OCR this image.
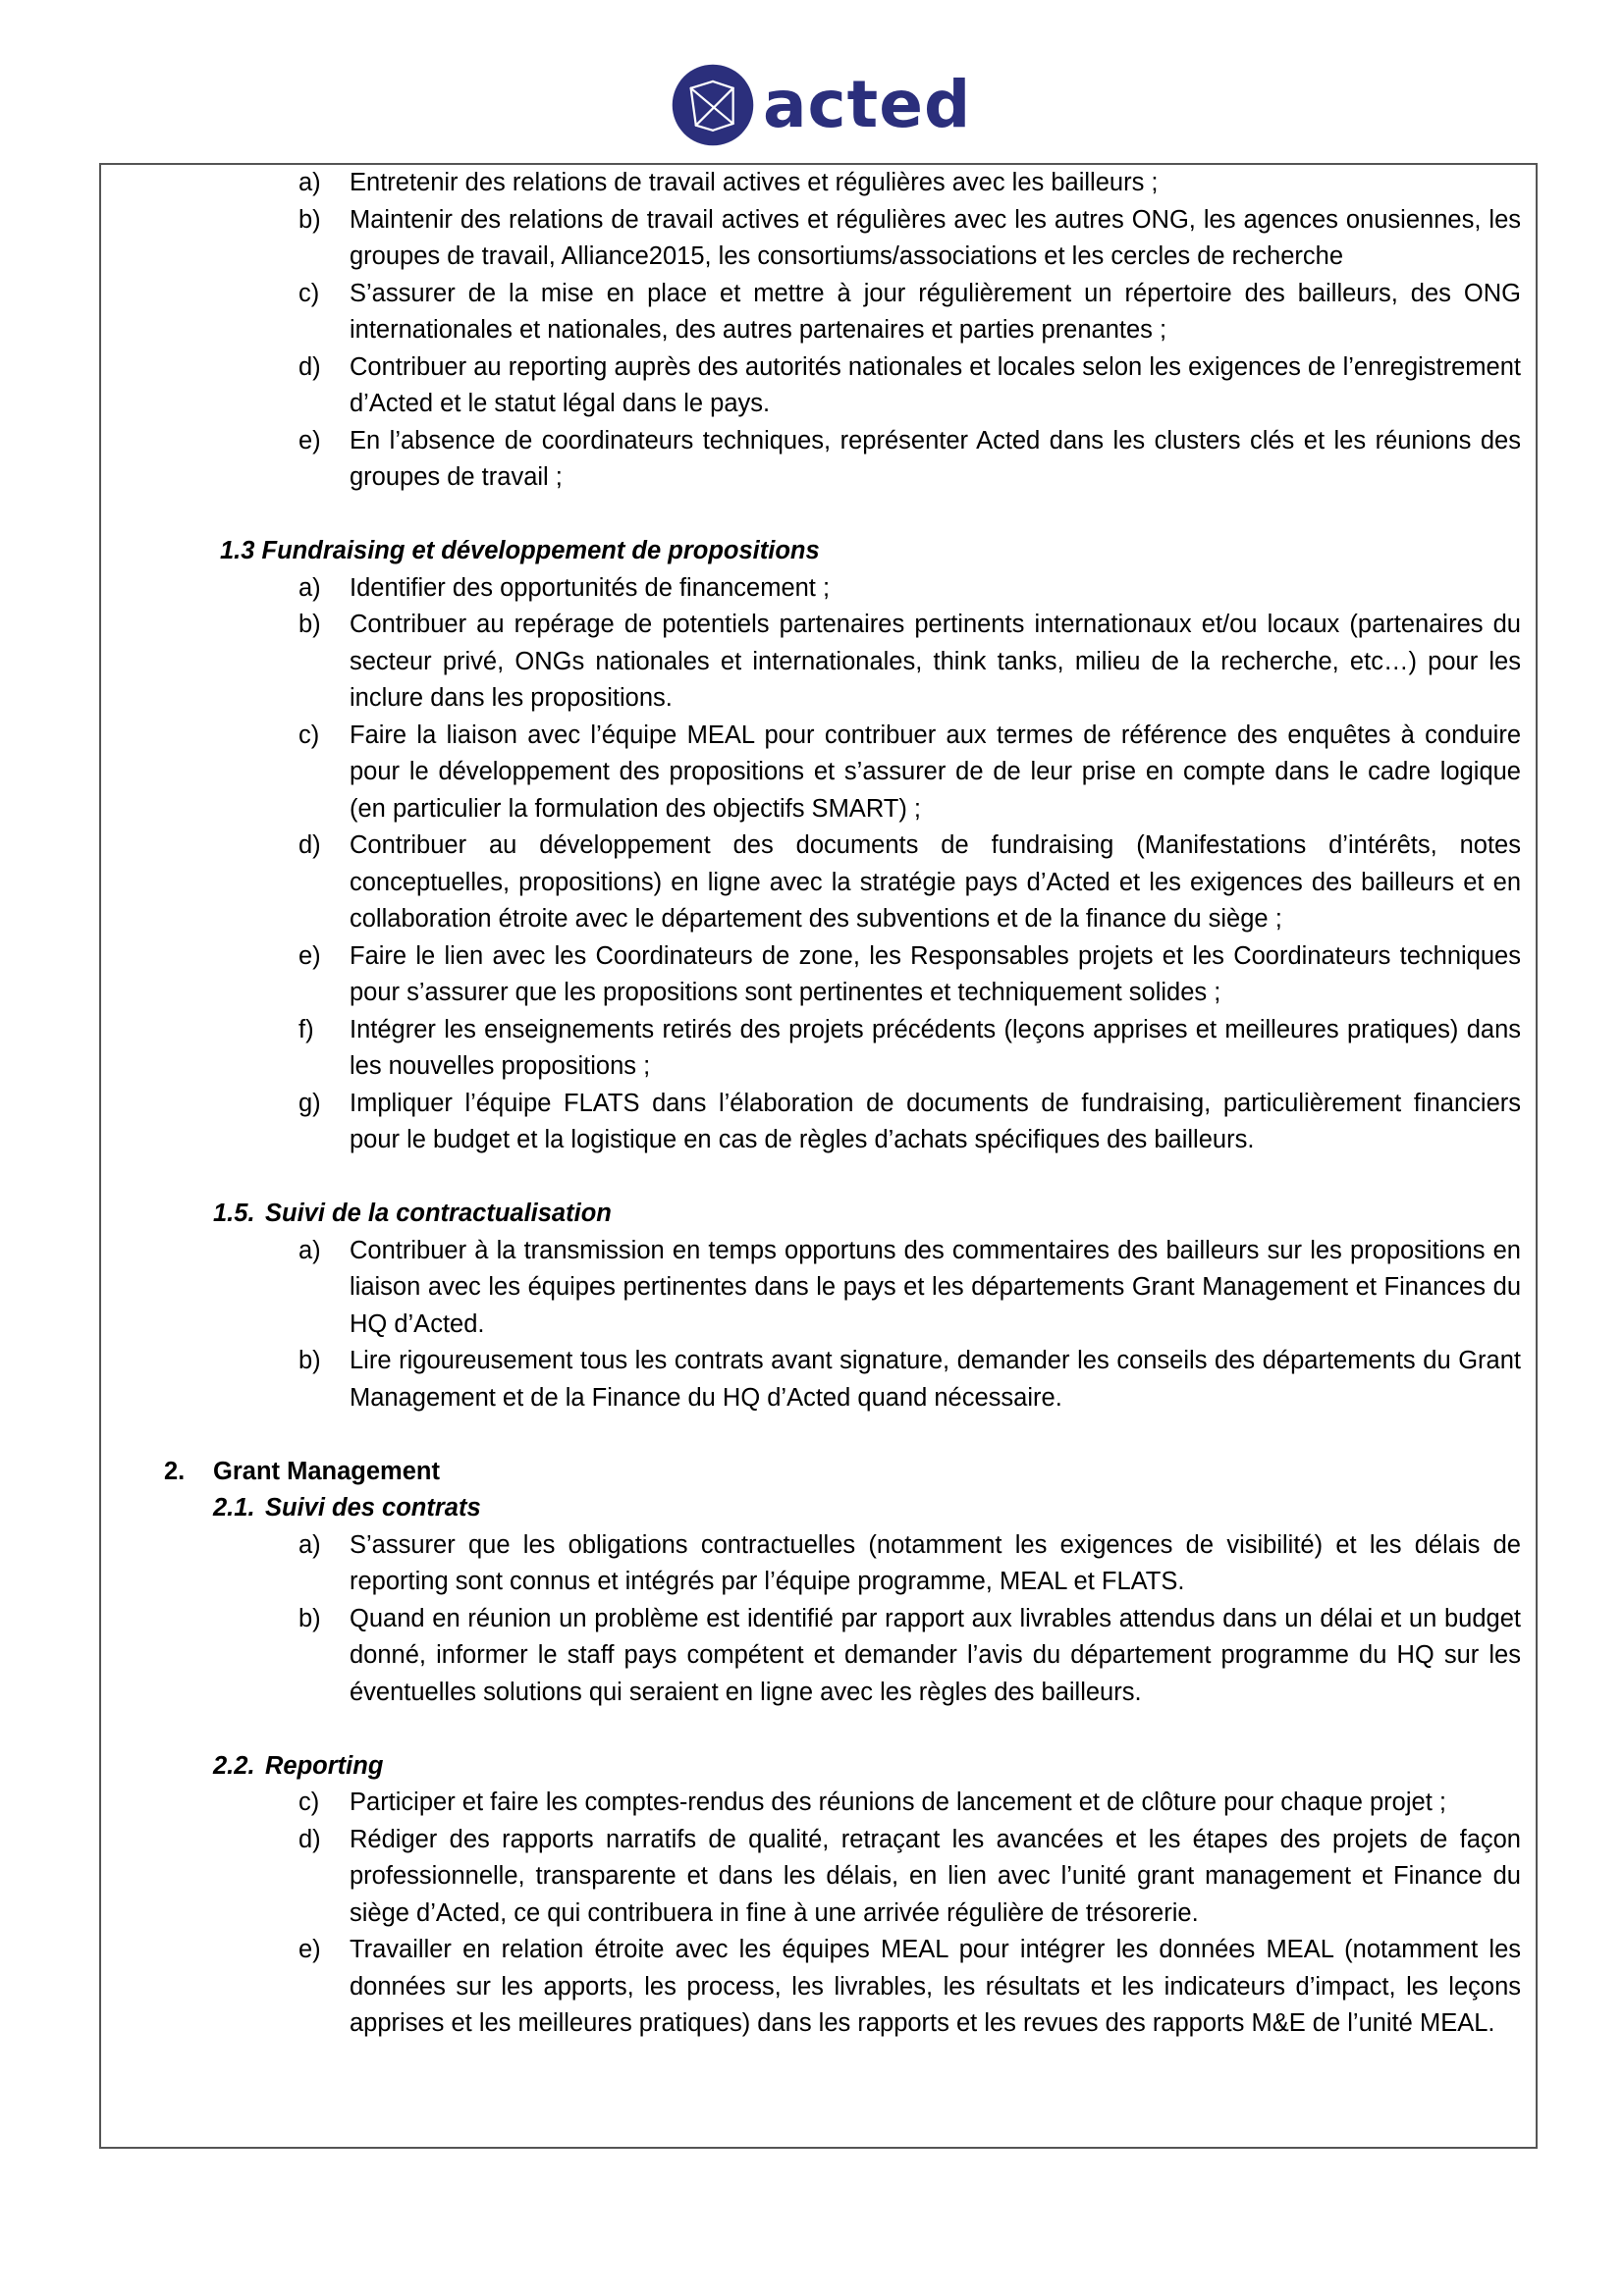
acted
a) Entretenir des relations de travail actives et régulières avec les bailleurs ;
b) Maintenir des relations de travail actives et régulières avec les autres ONG, les agences onusiennes, les groupes de travail, Alliance2015, les consortiums/associations et les cercles de recherche
c) S’assurer de la mise en place et mettre à jour régulièrement un répertoire des bailleurs, des ONG internationales et nationales, des autres partenaires et parties prenantes ;
d) Contribuer au reporting auprès des autorités nationales et locales selon les exigences de l’enregistrement d’Acted et le statut légal dans le pays.
e) En l’absence de coordinateurs techniques, représenter Acted dans les clusters clés et les réunions des groupes de travail ;
1.3 Fundraising et développement de propositions
a) Identifier des opportunités de financement ;
b) Contribuer au repérage de potentiels partenaires pertinents internationaux et/ou locaux (partenaires du secteur privé, ONGs nationales et internationales, think tanks, milieu de la recherche, etc…) pour les inclure dans les propositions.
c) Faire la liaison avec l’équipe MEAL pour contribuer aux termes de référence des enquêtes à conduire pour le développement des propositions et s’assurer de de leur prise en compte dans le cadre logique (en particulier la formulation des objectifs SMART) ;
d) Contribuer au développement des documents de fundraising (Manifestations d’intérêts, notes conceptuelles, propositions) en ligne avec la stratégie pays d’Acted et les exigences des bailleurs et en collaboration étroite avec le département des subventions et de la finance du siège ;
e) Faire le lien avec les Coordinateurs de zone, les Responsables projets et les Coordinateurs techniques pour s’assurer que les propositions sont pertinentes et techniquement solides ;
f) Intégrer les enseignements retirés des projets précédents (leçons apprises et meilleures pratiques) dans les nouvelles propositions ;
g) Impliquer l’équipe FLATS dans l’élaboration de documents de fundraising, particulièrement financiers pour le budget et la logistique en cas de règles d’achats spécifiques des bailleurs.
1.5. Suivi de la contractualisation
a) Contribuer à la transmission en temps opportuns des commentaires des bailleurs sur les propositions en liaison avec les équipes pertinentes dans le pays et les départements Grant Management et Finances du HQ d’Acted.
b) Lire rigoureusement tous les contrats avant signature, demander les conseils des départements du Grant Management et de la Finance du HQ d’Acted quand nécessaire.
2. Grant Management
2.1. Suivi des contrats
a) S’assurer que les obligations contractuelles (notamment les exigences de visibilité) et les délais de reporting sont connus et intégrés par l’équipe programme, MEAL et FLATS.
b) Quand en réunion un problème est identifié par rapport aux livrables attendus dans un délai et un budget donné, informer le staff pays compétent et demander l’avis du département programme du HQ sur les éventuelles solutions qui seraient en ligne avec les règles des bailleurs.
2.2. Reporting
c) Participer et faire les comptes-rendus des réunions de lancement et de clôture pour chaque projet ;
d) Rédiger des rapports narratifs de qualité, retraçant les avancées et les étapes des projets de façon professionnelle, transparente et dans les délais, en lien avec l’unité grant management et Finance du siège d’Acted, ce qui contribuera in fine à une arrivée régulière de trésorerie.
e) Travailler en relation étroite avec les équipes MEAL pour intégrer les données MEAL (notamment les données sur les apports, les process, les livrables, les résultats et les indicateurs d’impact, les leçons apprises et les meilleures pratiques) dans les rapports et les revues des rapports M&E de l’unité MEAL.
